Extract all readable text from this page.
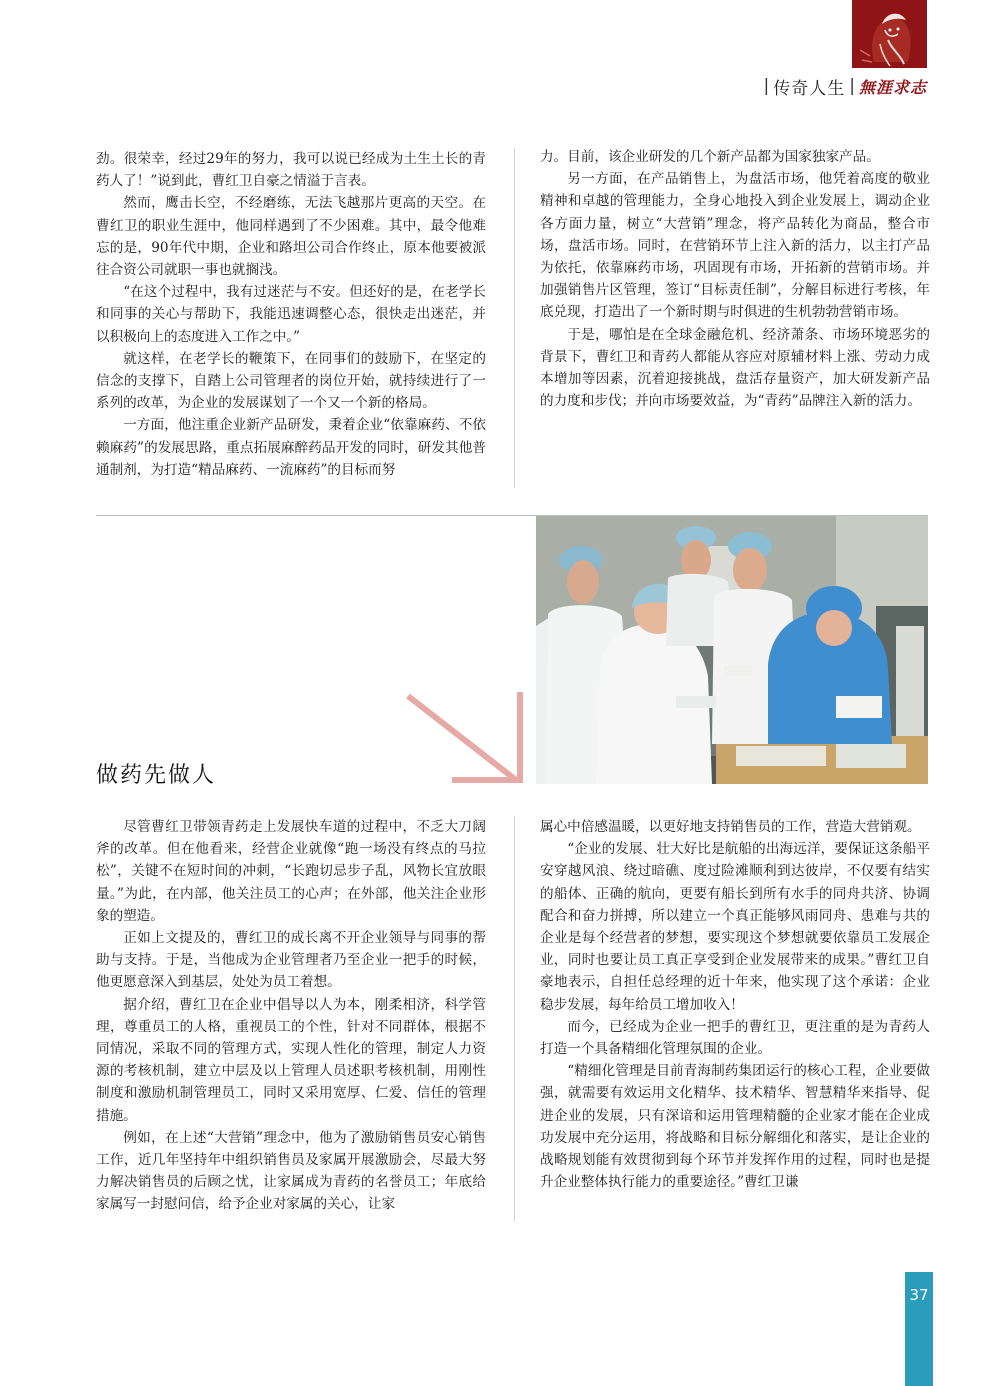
| 传奇人生 | 無涯求志

劲。很荣幸，经过29年的努力，我可以说已经成为土生土长的青药人了！”说到此，曹红卫自豪之情溢于言表。

然而，鹰击长空，不经磨练，无法飞越那片更高的天空。在曹红卫的职业生涯中，他同样遇到了不少困难。其中，最令他难忘的是，90年代中期，企业和路坦公司合作终止，原本他要被派往合资公司就职一事也就搁浅。

“在这个过程中，我有过迷茫与不安。但还好的是，在老学长和同事的关心与帮助下，我能迅速调整心态，很快走出迷茫，并以积极向上的态度进入工作之中。”

就这样，在老学长的鞭策下，在同事们的鼓励下，在坚定的信念的支撑下，自踏上公司管理者的岗位开始，就持续进行了一系列的改革，为企业的发展谋划了一个又一个新的格局。

一方面，他注重企业新产品研发，秉着企业“依靠麻药、不依赖麻药”的发展思路，重点拓展麻醉药品开发的同时，研发其他普通制剂，为打造“精品麻药、一流麻药”的目标而努

力。目前，该企业研发的几个新产品都为国家独家产品。

另一方面，在产品销售上，为盘活市场，他凭着高度的敬业精神和卓越的管理能力，全身心地投入到企业发展上，调动企业各方面力量，树立“大营销”理念，将产品转化为商品，整合市场，盘活市场。同时，在营销环节上注入新的活力，以主打产品为依托，依靠麻药市场，巩固现有市场，开拓新的营销市场。并加强销售片区管理，签订“目标责任制”，分解目标进行考核，年底兑现，打造出了一个新时期与时俱进的生机勃勃营销市场。

于是，哪怕是在全球金融危机、经济萧条、市场环境恶劣的背景下，曹红卫和青药人都能从容应对原辅材料上涨、劳动力成本增加等因素，沉着迎接挑战，盘活存量资产，加大研发新产品的力度和步伐；并向市场要效益，为“青药”品牌注入新的活力。

做药先做人

尽管曹红卫带领青药走上发展快车道的过程中，不乏大刀阔斧的改革。但在他看来，经营企业就像“跑一场没有终点的马拉松”，关键不在短时间的冲刺，“长跑切忌步子乱，风物长宜放眼量。”为此，在内部，他关注员工的心声；在外部，他关注企业形象的塑造。

正如上文提及的，曹红卫的成长离不开企业领导与同事的帮助与支持。于是，当他成为企业管理者乃至企业一把手的时候，他更愿意深入到基层，处处为员工着想。

据介绍，曹红卫在企业中倡导以人为本，刚柔相济，科学管理，尊重员工的人格，重视员工的个性，针对不同群体，根据不同情况，采取不同的管理方式，实现人性化的管理，制定人力资源的考核机制，建立中层及以上管理人员述职考核机制，用刚性制度和激励机制管理员工，同时又采用宽厚、仁爱、信任的管理措施。

例如，在上述“大营销”理念中，他为了激励销售员安心销售工作，近几年坚持年中组织销售员及家属开展激励会，尽最大努力解决销售员的后顾之忧，让家属成为青药的名誉员工；年底给家属写一封慰问信，给予企业对家属的关心，让家

属心中倍感温暖，以更好地支持销售员的工作，营造大营销观。

“企业的发展、壮大好比是航船的出海远洋，要保证这条船平安穿越风浪、绕过暗礁、度过险滩顺利到达彼岸，不仅要有结实的船体、正确的航向，更要有船长到所有水手的同舟共济、协调配合和奋力拼搏，所以建立一个真正能够风雨同舟、患难与共的企业是每个经营者的梦想，要实现这个梦想就要依靠员工发展企业，同时也要让员工真正享受到企业发展带来的成果。”曹红卫自豪地表示，自担任总经理的近十年来，他实现了这个承诺：企业稳步发展，每年给员工增加收入！

而今，已经成为企业一把手的曹红卫，更注重的是为青药人打造一个具备精细化管理氛围的企业。

“精细化管理是目前青海制药集团运行的核心工程，企业要做强，就需要有效运用文化精华、技术精华、智慧精华来指导、促进企业的发展，只有深谙和运用管理精髓的企业家才能在企业成功发展中充分运用，将战略和目标分解细化和落实，是让企业的战略规划能有效贯彻到每个环节并发挥作用的过程，同时也是提升企业整体执行能力的重要途径。”曹红卫谦

37
